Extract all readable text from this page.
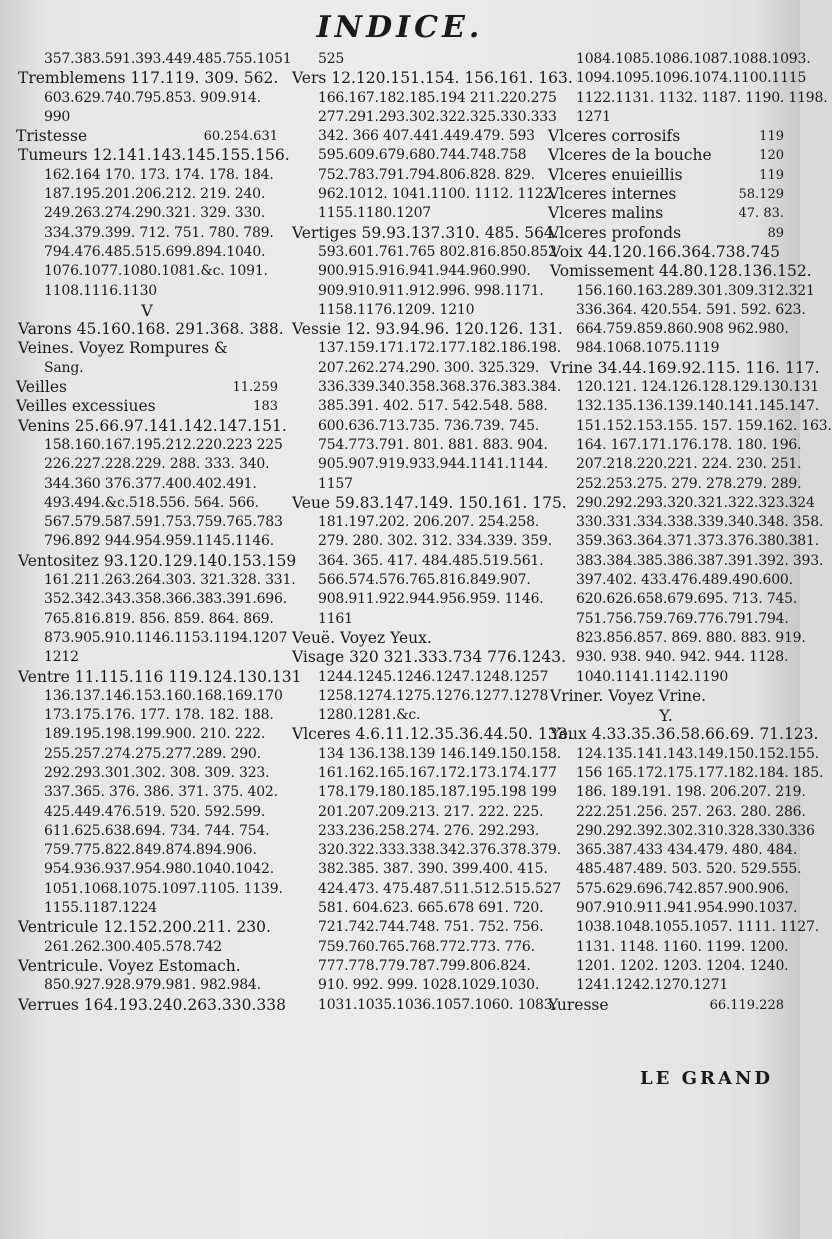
INDICE.
357.383.591.393.449.485.755.1051
Tremblemens 117.119. 309. 562.
603.629.740.795.853. 909.914.
990
Tristesse	60.254.631
Tumeurs 12.141.143.145.155.156.
162.164 170. 173. 174. 178. 184.
187.195.201.206.212. 219. 240.
249.263.274.290.321. 329. 330.
334.379.399. 712. 751. 780. 789.
794.476.485.515.699.894.1040.
1076.1077.1080.1081.&c. 1091.
1108.1116.1130
V
Varons 45.160.168. 291.368. 388.
Veines. Voyez Rompures &
Sang.
Veilles	11.259
Veilles excessiues	183
Venins 25.66.97.141.142.147.151.
158.160.167.195.212.220.223 225
226.227.228.229. 288. 333. 340.
344.360 376.377.400.402.491.
493.494.&c.518.556. 564. 566.
567.579.587.591.753.759.765.783
796.892 944.954.959.1145.1146.
Ventositez 93.120.129.140.153.159
161.211.263.264.303. 321.328. 331.
352.342.343.358.366.383.391.696.
765.816.819. 856. 859. 864. 869.
873.905.910.1146.1153.1194.1207
1212
Ventre 11.115.116 119.124.130.131
136.137.146.153.160.168.169.170
173.175.176. 177. 178. 182. 188.
189.195.198.199.900. 210. 222.
255.257.274.275.277.289. 290.
292.293.301.302. 308. 309. 323.
337.365. 376. 386. 371. 375. 402.
425.449.476.519. 520. 592.599.
611.625.638.694. 734. 744. 754.
759.775.822.849.874.894.906.
954.936.937.954.980.1040.1042.
1051.1068.1075.1097.1105. 1139.
1155.1187.1224
Ventricule 12.152.200.211. 230.
261.262.300.405.578.742
Ventricule. Voyez Estomach.
850.927.928.979.981. 982.984.
Verrues 164.193.240.263.330.338
525
Vers 12.120.151.154. 156.161. 163.
166.167.182.185.194 211.220.275
277.291.293.302.322.325.330.333
342. 366 407.441.449.479. 593
595.609.679.680.744.748.758
752.783.791.794.806.828. 829.
962.1012. 1041.1100. 1112. 1122.
1155.1180.1207
Vertiges 59.93.137.310. 485. 564.
593.601.761.765 802.816.850.852
900.915.916.941.944.960.990.
909.910.911.912.996. 998.1171.
1158.1176.1209. 1210
Vessie 12. 93.94.96. 120.126. 131.
137.159.171.172.177.182.186.198.
207.262.274.290. 300. 325.329.
336.339.340.358.368.376.383.384.
385.391. 402. 517. 542.548. 588.
600.636.713.735. 736.739. 745.
754.773.791. 801. 881. 883. 904.
905.907.919.933.944.1141.1144.
1157
Veue 59.83.147.149. 150.161. 175.
181.197.202. 206.207. 254.258.
279. 280. 302. 312. 334.339. 359.
364. 365. 417. 484.485.519.561.
566.574.576.765.816.849.907.
908.911.922.944.956.959. 1146.
1161
Veuë. Voyez Yeux.
Visage 320 321.333.734 776.1243.
1244.1245.1246.1247.1248.1257
1258.1274.1275.1276.1277.1278
1280.1281.&c.
Vlceres 4.6.11.12.35.36.44.50. 133.
134 136.138.139 146.149.150.158.
161.162.165.167.172.173.174.177
178.179.180.185.187.195.198 199
201.207.209.213. 217. 222. 225.
233.236.258.274. 276. 292.293.
320.322.333.338.342.376.378.379.
382.385. 387. 390. 399.400. 415.
424.473. 475.487.511.512.515.527
581. 604.623. 665.678 691. 720.
721.742.744.748. 751. 752. 756.
759.760.765.768.772.773. 776.
777.778.779.787.799.806.824.
910. 992. 999. 1028.1029.1030.
1031.1035.1036.1057.1060. 1083.
1084.1085.1086.1087.1088.1093.
1094.1095.1096.1074.1100.1115
1122.1131. 1132. 1187. 1190. 1198.
1271
Vlceres corrosifs	119
Vlceres de la bouche	120
Vlceres enuieillis	119
Vlceres internes	58.129
Vlceres malins	47. 83.
Vlceres profonds	89
Voix 44.120.166.364.738.745
Vomissement 44.80.128.136.152.
156.160.163.289.301.309.312.321
336.364. 420.554. 591. 592. 623.
664.759.859.860.908 962.980.
984.1068.1075.1119
Vrine 34.44.169.92.115. 116. 117.
120.121. 124.126.128.129.130.131
132.135.136.139.140.141.145.147.
151.152.153.155. 157. 159.162. 163.
164. 167.171.176.178. 180. 196.
207.218.220.221. 224. 230. 251.
252.253.275. 279. 278.279. 289.
290.292.293.320.321.322.323.324
330.331.334.338.339.340.348. 358.
359.363.364.371.373.376.380.381.
383.384.385.386.387.391.392. 393.
397.402. 433.476.489.490.600.
620.626.658.679.695. 713. 745.
751.756.759.769.776.791.794.
823.856.857. 869. 880. 883. 919.
930. 938. 940. 942. 944. 1128.
1040.1141.1142.1190
Vriner. Voyez Vrine.
Y.
Yeux 4.33.35.36.58.66.69. 71.123.
124.135.141.143.149.150.152.155.
156 165.172.175.177.182.184. 185.
186. 189.191. 198. 206.207. 219.
222.251.256. 257. 263. 280. 286.
290.292.392.302.310.328.330.336
365.387.433 434.479. 480. 484.
485.487.489. 503. 520. 529.555.
575.629.696.742.857.900.906.
907.910.911.941.954.990.1037.
1038.1048.1055.1057. 1111. 1127.
1131. 1148. 1160. 1199. 1200.
1201. 1202. 1203. 1204. 1240.
1241.1242.1270.1271
Yuresse	66.119.228
LE GRAND
